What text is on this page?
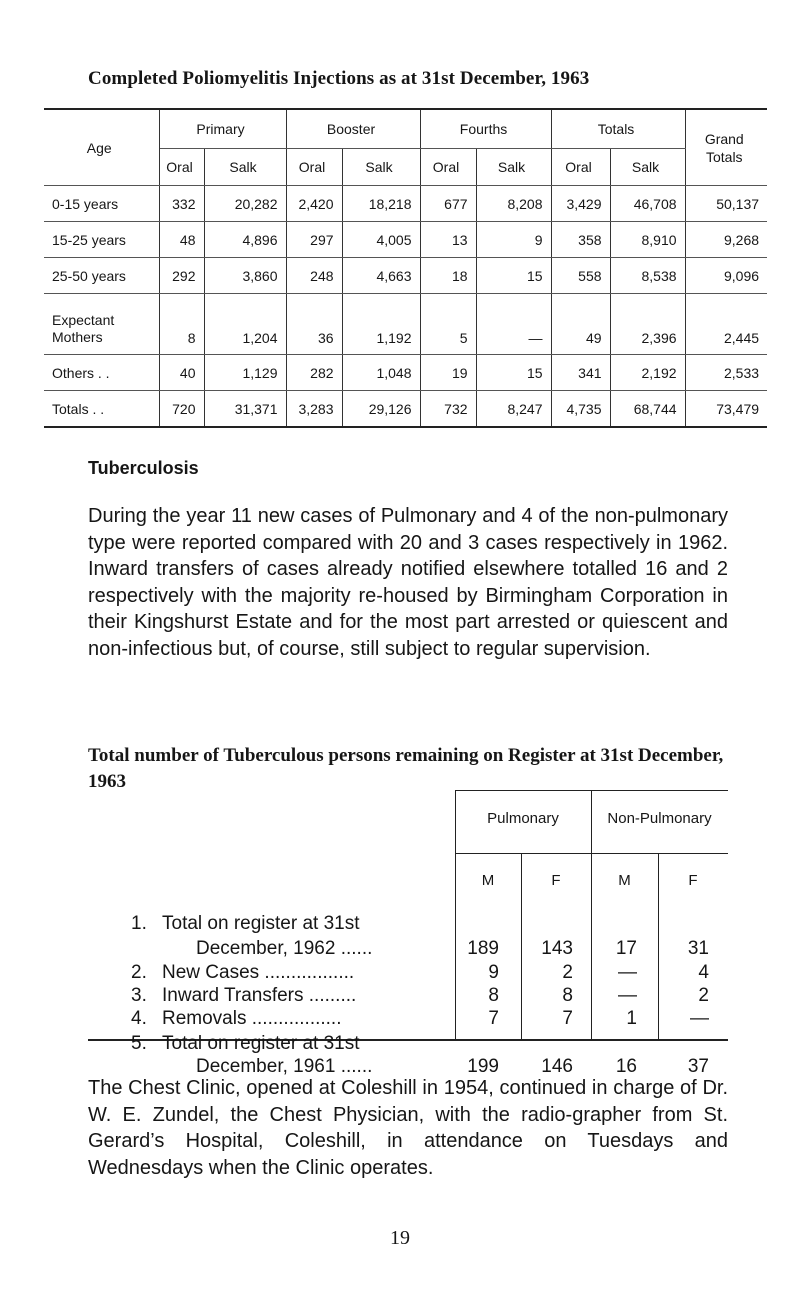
Completed Poliomyelitis Injections as at 31st December, 1963
Age	Primary		Booster		Fourths		Totals		Grand Totals
	Oral	Salk	Oral	Salk	Oral	Salk	Oral	Salk	
0-15 years	332	20,282	2,420	18,218	677	8,208	3,429	46,708	50,137
15-25 years	48	4,896	297	4,005	13	9	358	8,910	9,268
25-50 years	292	3,860	248	4,663	18	15	558	8,538	9,096
Expectant Mothers	8	1,204	36	1,192	5	—	49	2,396	2,445
Others . .	40	1,129	282	1,048	19	15	341	2,192	2,533
Totals . .	720	31,371	3,283	29,126	732	8,247	4,735	68,744	73,479
Tuberculosis

During the year 11 new cases of Pulmonary and 4 of the non-pulmonary type were reported compared with 20 and 3 cases respectively in 1962. Inward transfers of cases already notified elsewhere totalled 16 and 2 respectively with the majority re-housed by Birmingham Corporation in their Kingshurst Estate and for the most part arrested or quiescent and non-infectious but, of course, still subject to regular supervision.

Total number of Tuberculous persons remaining on Register at 31st December, 1963
Pulmonary	Non-Pulmonary
M	F	M	F
1. Total on register at 31st
December, 1962 ......	189	143	17	31
2. New Cases .................	9	2	—	4
3. Inward Transfers .........	8	8	—	2
4. Removals .................	7	7	1	—
5. Total on register at 31st
December, 1961 ......	199	146	16	37

The Chest Clinic, opened at Coleshill in 1954, continued in charge of Dr. W. E. Zundel, the Chest Physician, with the radio-grapher from St. Gerard’s Hospital, Coleshill, in attendance on Tuesdays and Wednesdays when the Clinic operates.

19
